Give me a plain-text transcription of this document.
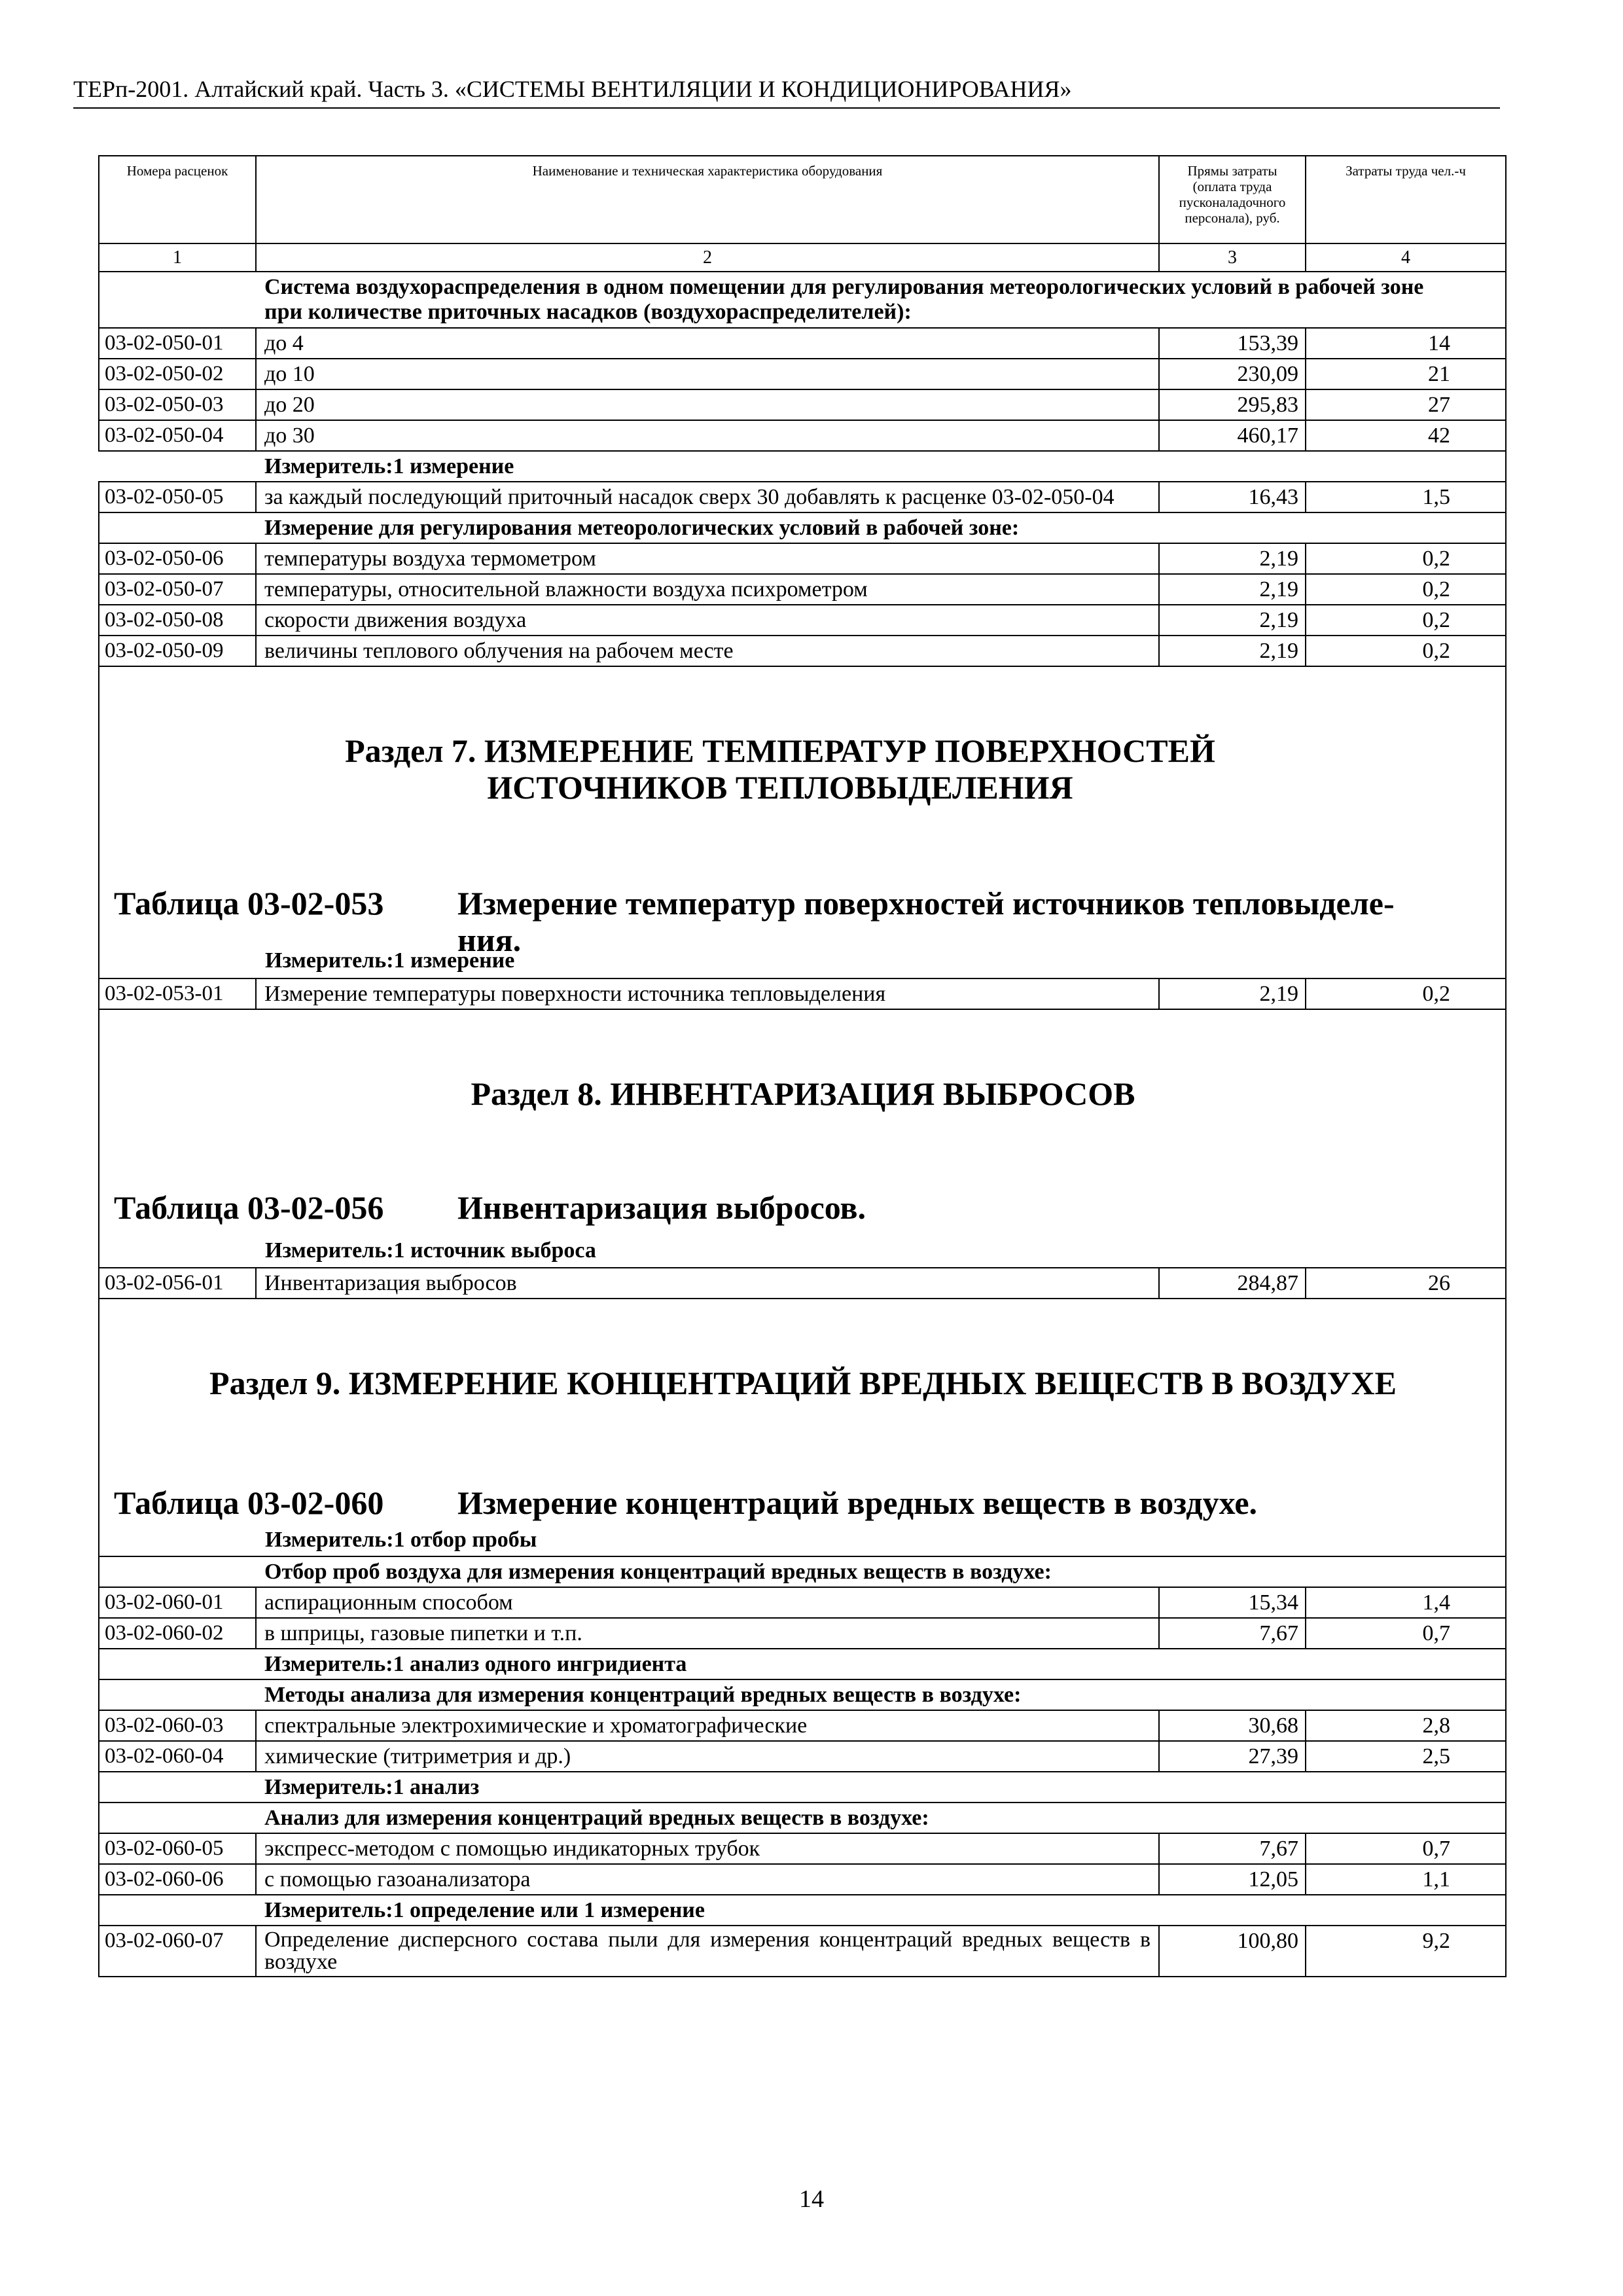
ТЕРп-2001. Алтайский край. Часть 3. «СИСТЕМЫ ВЕНТИЛЯЦИИ И КОНДИЦИОНИРОВАНИЯ»
Номера расценок	Наименование и техническая характеристика оборудования	Прямы затраты (оплата труда пусконаладочного персонала), руб.	Затраты труда чел.-ч
1	2	3	4
Система воздухораспределения в одном помещении для регулирования метеорологических условий в рабочей зоне при количестве приточных насадков (воздухораспределителей):			
03-02-050-01	до 4	153,39	14
03-02-050-02	до 10	230,09	21
03-02-050-03	до 20	295,83	27
03-02-050-04	до 30	460,17	42
	Измеритель:1 измерение		
03-02-050-05	за каждый последующий приточный насадок сверх 30 добавлять к расценке 03-02-050-04	16,43	1,5
	Измерение для регулирования метеорологических условий в рабочей зоне:		
03-02-050-06	температуры воздуха термометром	2,19	0,2
03-02-050-07	температуры, относительной влажности воздуха психрометром	2,19	0,2
03-02-050-08	скорости движения воздуха	2,19	0,2
03-02-050-09	величины теплового облучения на рабочем месте	2,19	0,2

Раздел 7. ИЗМЕРЕНИЕ ТЕМПЕРАТУР ПОВЕРХНОСТЕЙ ИСТОЧНИКОВ ТЕПЛОВЫДЕЛЕНИЯ
Таблица 03-02-053 Измерение температур поверхностей источников тепловыделе-
ния.
Измеритель:1 измерение			

03-02-053-01	Измерение температуры поверхности источника тепловыделения	2,19	0,2

Раздел 8. ИНВЕНТАРИЗАЦИЯ ВЫБРОСОВ
Таблица 03-02-056 Инвентаризация выбросов.
Измеритель:1 источник выброса			

03-02-056-01	Инвентаризация выбросов	284,87	26

Раздел 9. ИЗМЕРЕНИЕ КОНЦЕНТРАЦИЙ ВРЕДНЫХ ВЕЩЕСТВ В ВОЗДУХЕ
Таблица 03-02-060 Измерение концентраций вредных веществ в воздухе.
Измеритель:1 отбор пробы			

	Отбор проб воздуха для измерения концентраций вредных веществ в воздухе:		
03-02-060-01	аспирационным способом	15,34	1,4
03-02-060-02	в шприцы, газовые пипетки и т.п.	7,67	0,7
	Измеритель:1 анализ одного ингридиента		
	Методы анализа для измерения концентраций вредных веществ в воздухе:		
03-02-060-03	спектральные электрохимические и хроматографические	30,68	2,8
03-02-060-04	химические (титриметрия и др.)	27,39	2,5
	Измеритель:1 анализ		
	Анализ для измерения концентраций вредных веществ в воздухе:		
03-02-060-05	экспресс-методом с помощью индикаторных трубок	7,67	0,7
03-02-060-06	с помощью газоанализатора	12,05	1,1
	Измеритель:1 определение или 1 измерение		
03-02-060-07	Определение дисперсного состава пыли для измерения концентраций вредных веществ в воздухе	100,80	9,2
14
